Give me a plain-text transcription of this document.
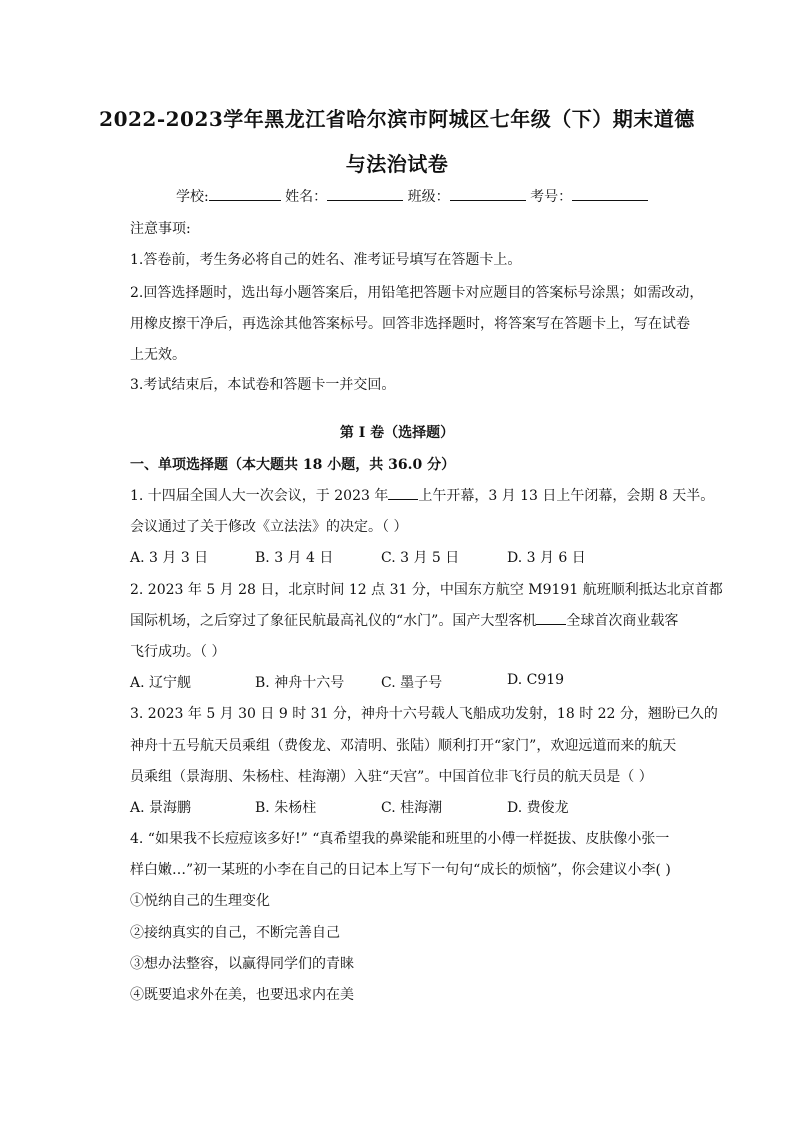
2022-2023学年黑龙江省哈尔滨市阿城区七年级（下）期末道德
与法治试卷
学校:	姓名：	班级：	考号：
注意事项:
1.答卷前，考生务必将自己的姓名、准考证号填写在答题卡上。
2.回答选择题时，选出每小题答案后，用铅笔把答题卡对应题目的答案标号涂黑；如需改动，
用橡皮擦干净后，再选涂其他答案标号。回答非选择题时，将答案写在答题卡上，写在试卷
上无效。
3.考试结束后，本试卷和答题卡一并交回。
第 I 卷（选择题）
一、单项选择题（本大题共 18 小题，共 36.0 分）
1. 十四届全国人大一次会议，于 2023 年 上午开幕，3 月 13 日上午闭幕，会期 8 天半。
会议通过了关于修改《立法法》的决定。（ ）
A. 3 月 3 日	B. 3 月 4 日	C. 3 月 5 日	D. 3 月 6 日
2. 2023 年 5 月 28 日，北京时间 12 点 31 分，中国东方航空 M9191 航班顺利抵达北京首都
国际机场，之后穿过了象征民航最高礼仪的“水门”。国产大型客机 全球首次商业载客
飞行成功。（ ）
A. 辽宁舰	B. 神舟十六号	C. 墨子号	D. C919
3. 2023 年 5 月 30 日 9 时 31 分，神舟十六号载人飞船成功发射，18 时 22 分，翘盼已久的
神舟十五号航天员乘组（费俊龙、邓清明、张陆）顺利打开“家门”，欢迎远道而来的航天
员乘组（景海朋、朱杨柱、桂海潮）入驻“天宫”。中国首位非飞行员的航天员是（ ）
A. 景海鹏	B. 朱杨柱	C. 桂海潮	D. 费俊龙
4. “如果我不长痘痘该多好!” “真希望我的鼻梁能和班里的小傅一样挺拔、皮肤像小张一
样白嫩…”初一某班的小李在自己的日记本上写下一句句“成长的烦恼”，你会建议小李( )
①悦纳自己的生理变化
②接纳真实的自己，不断完善自己
③想办法整容，以赢得同学们的青睐
④既要追求外在美，也要迅求内在美
